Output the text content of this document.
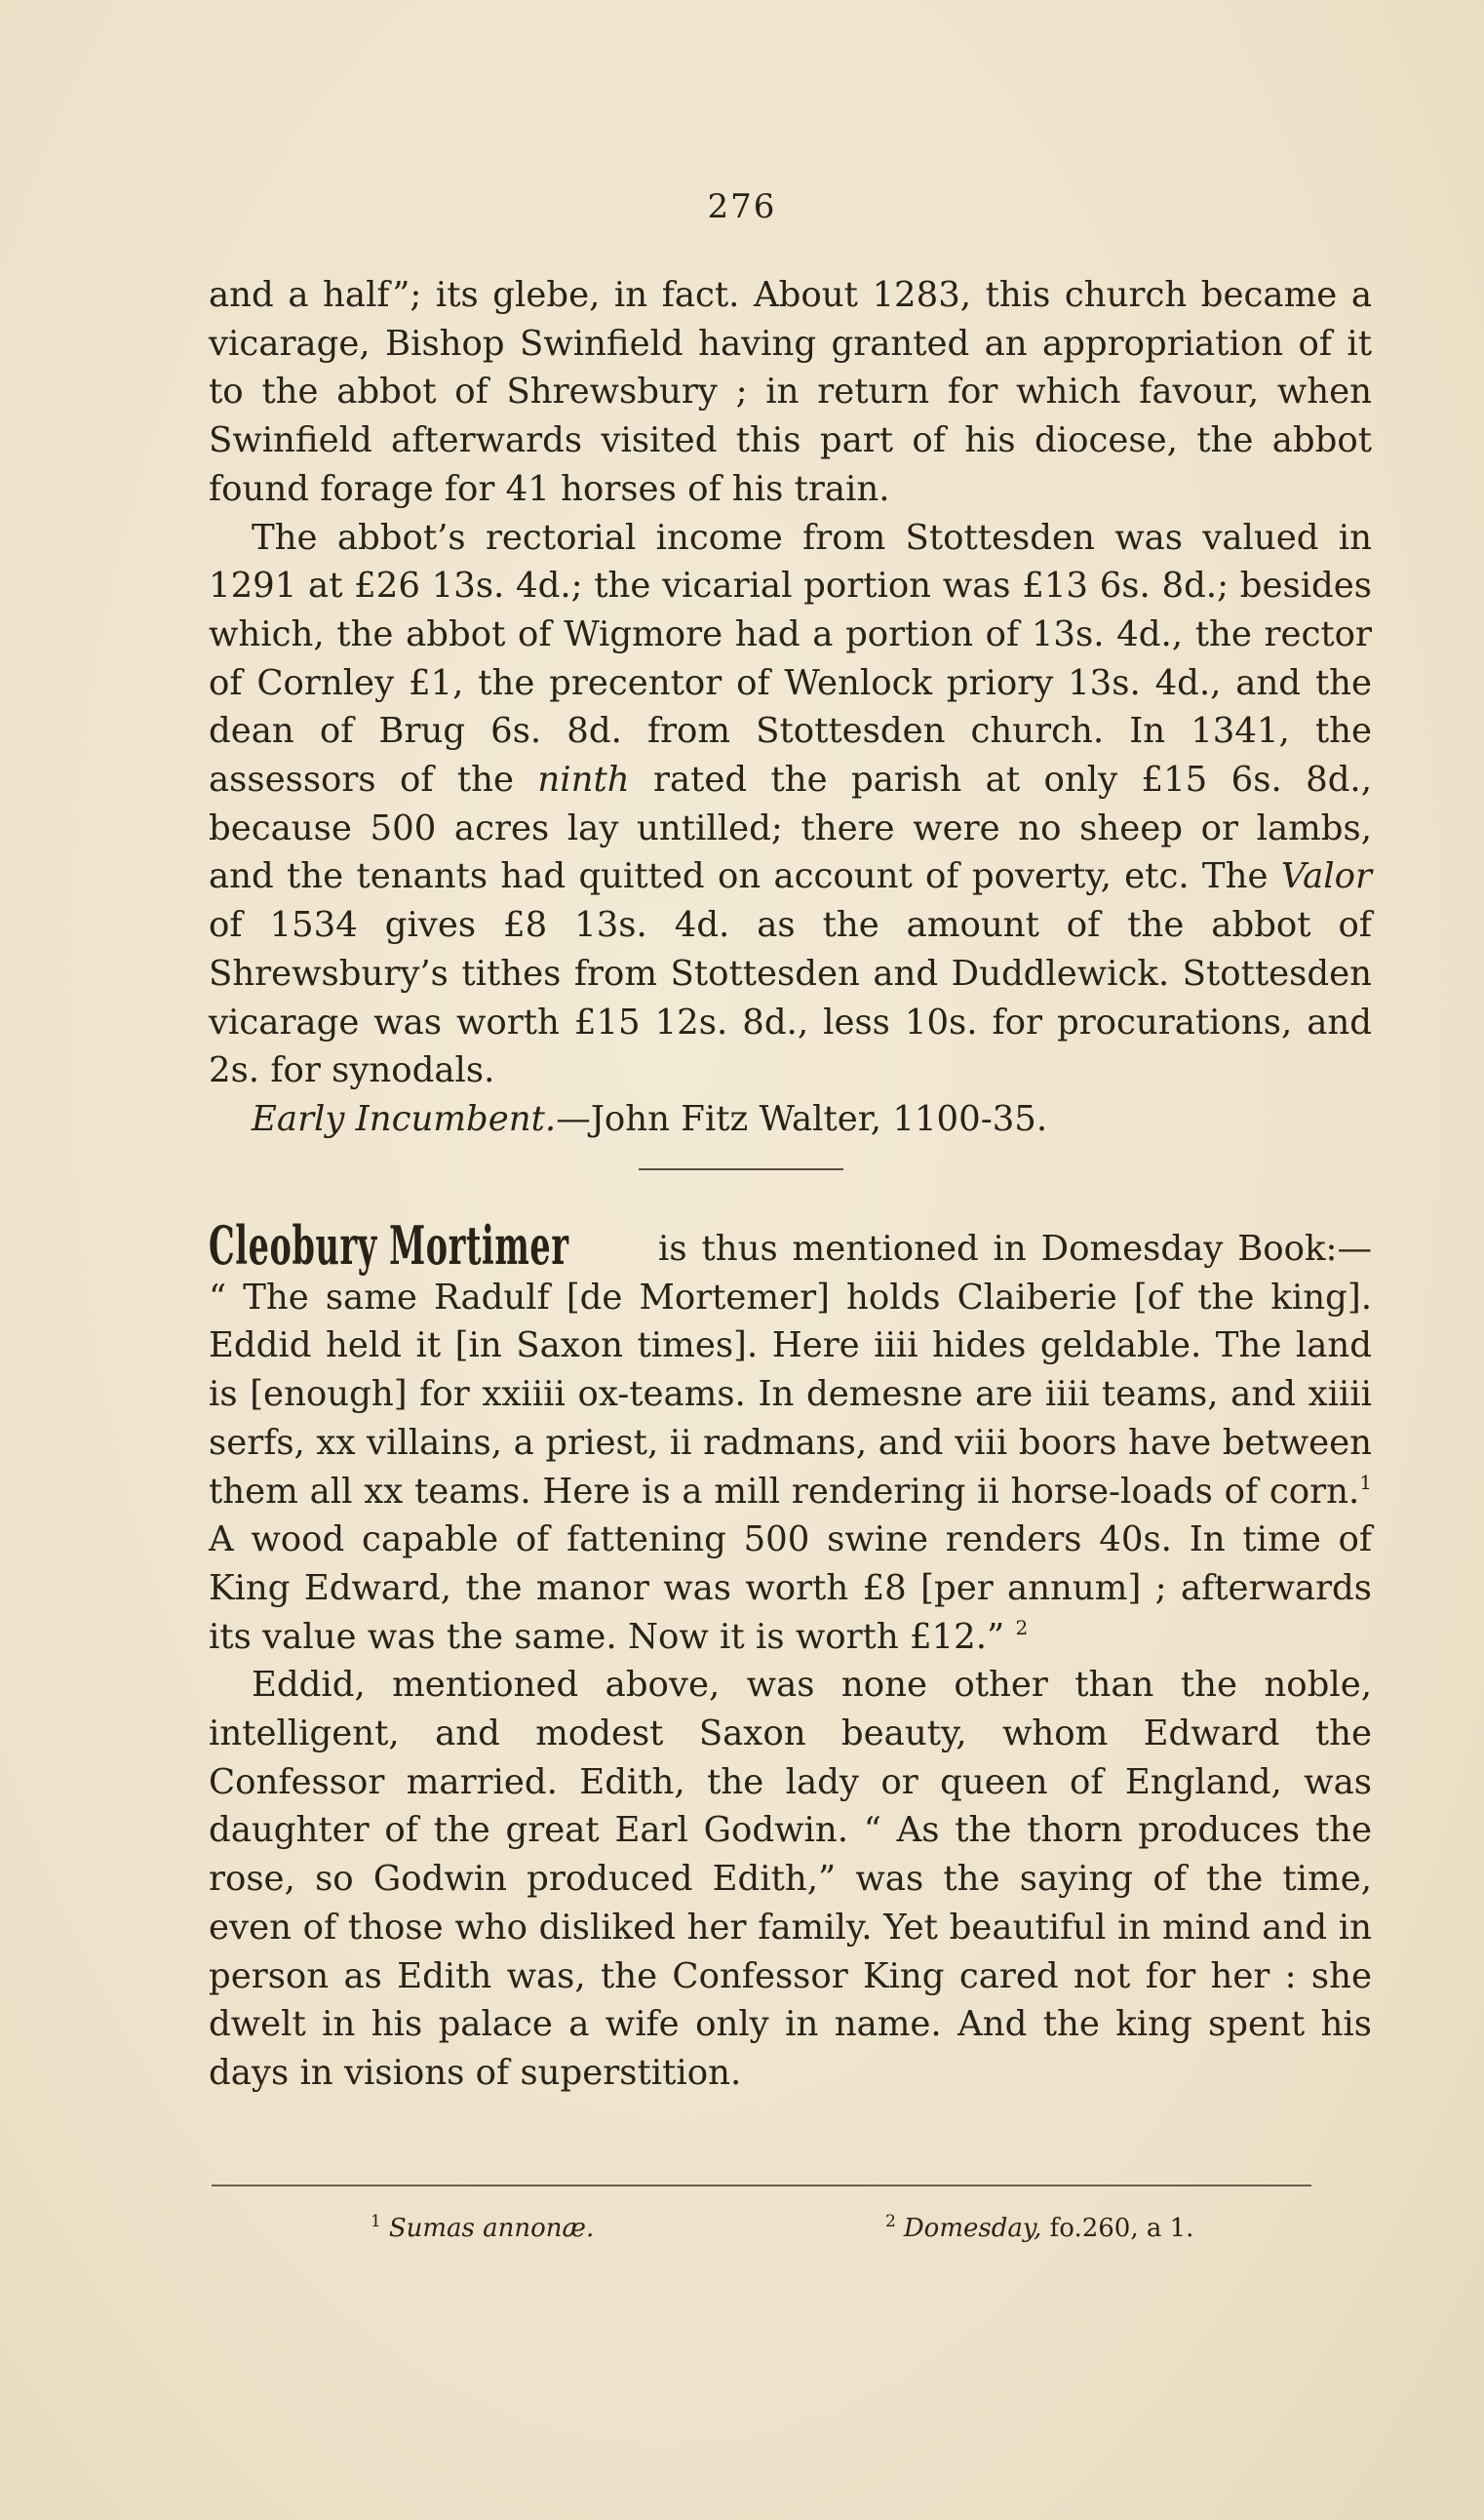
276

and a half”; its glebe, in fact. About 1283, this church became a vicarage, Bishop Swinfield having granted an appropriation of it to the abbot of Shrewsbury ; in return for which favour, when Swinfield afterwards visited this part of his diocese, the abbot found forage for 41 horses of his train.

The abbot’s rectorial income from Stottesden was valued in 1291 at £26 13s. 4d.; the vicarial portion was £13 6s. 8d.; besides which, the abbot of Wigmore had a portion of 13s. 4d., the rector of Cornley £1, the precentor of Wenlock priory 13s. 4d., and the dean of Brug 6s. 8d. from Stottesden church. In 1341, the assessors of the ninth rated the parish at only £15 6s. 8d., because 500 acres lay untilled; there were no sheep or lambs, and the tenants had quitted on account of poverty, etc. The Valor of 1534 gives £8 13s. 4d. as the amount of the abbot of Shrewsbury’s tithes from Stottesden and Duddlewick. Stottesden vicarage was worth £15 12s. 8d., less 10s. for procurations, and 2s. for synodals.

Early Incumbent.—John Fitz Walter, 1100-35.

Cleobury Mortimer is thus mentioned in Domesday Book:— “ The same Radulf [de Mortemer] holds Claiberie [of the king]. Eddid held it [in Saxon times]. Here iiii hides geldable. The land is [enough] for xxiiii ox-teams. In demesne are iiii teams, and xiiii serfs, xx villains, a priest, ii radmans, and viii boors have between them all xx teams. Here is a mill rendering ii horse-loads of corn.$^1$ A wood capable of fattening 500 swine renders 40s. In time of King Edward, the manor was worth £8 [per annum] ; afterwards its value was the same. Now it is worth £12.” $^2$

Eddid, mentioned above, was none other than the noble, intelligent, and modest Saxon beauty, whom Edward the Confessor married. Edith, the lady or queen of England, was daughter of the great Earl Godwin. “ As the thorn produces the rose, so Godwin produced Edith,” was the saying of the time, even of those who disliked her family. Yet beautiful in mind and in person as Edith was, the Confessor King cared not for her : she dwelt in his palace a wife only in name. And the king spent his days in visions of superstition.

$^1$ Sumas annonæ.	$^2$ Domesday, fo.260, a 1.
